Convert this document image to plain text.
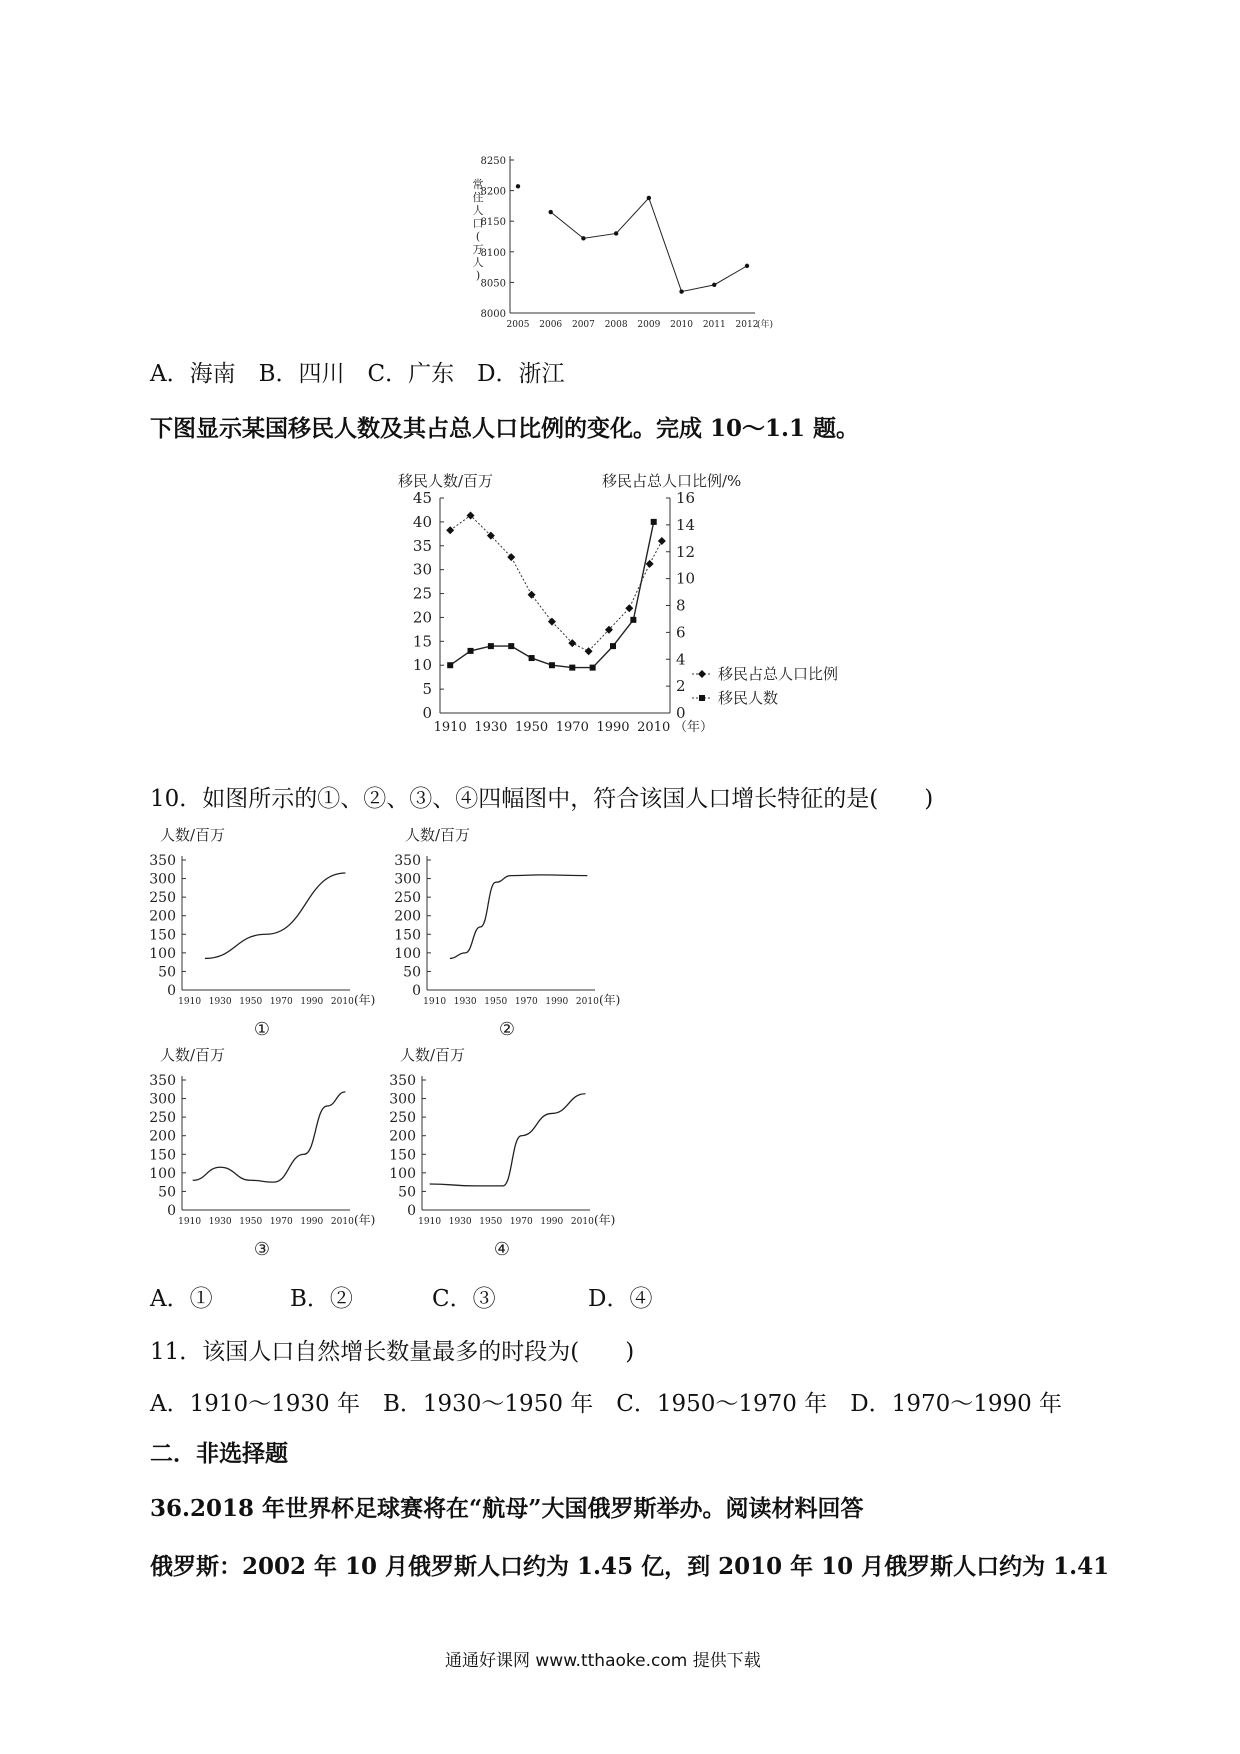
8250
8200
8150
8100
8050
8000
2005 2006 2007 2008 2009 2010 2011 2012
(年)
常
住
人
口
(
万
人
)
A．海南　B．四川　C．广东　D．浙江
下图显示某国移民人数及其占总人口比例的变化。完成 10～1.1 题。
45
40
35
30
25
20
15
10
5
0
16
14
12
10
8
6
4
2
0
1910 1930 1950 1970 1990 2010 （年）
移民人数/百万	移民占总人口比例/%
移民占总人口比例
移民人数
10．如图所示的①、②、③、④四幅图中，符合该国人口增长特征的是(　　)
人数/百万
350
300
250
200
150
100
50
0
1910 1930 1950 1970 1990 2010 (年)
①
人数/百万
350
300
250
200
150
100
50
0
1910 1930 1950 1970 1990 2010 (年)
②
人数/百万
350
300
250
200
150
100
50
0
1910 1930 1950 1970 1990 2010 (年)
③
人数/百万
350
300
250
200
150
100
50
0
1910 1930 1950 1970 1990 2010 (年)
④
A．①	B．②	C．③	D．④
11．该国人口自然增长数量最多的时段为(　　)
A．1910～1930 年　B．1930～1950 年　C．1950～1970 年　D．1970～1990 年
二．非选择题
36.2018 年世界杯足球赛将在“航母”大国俄罗斯举办。阅读材料回答
俄罗斯：2002 年 10 月俄罗斯人口约为 1.45 亿，到 2010 年 10 月俄罗斯人口约为 1.41
通通好课网 www.tthaoke.com 提供下载
